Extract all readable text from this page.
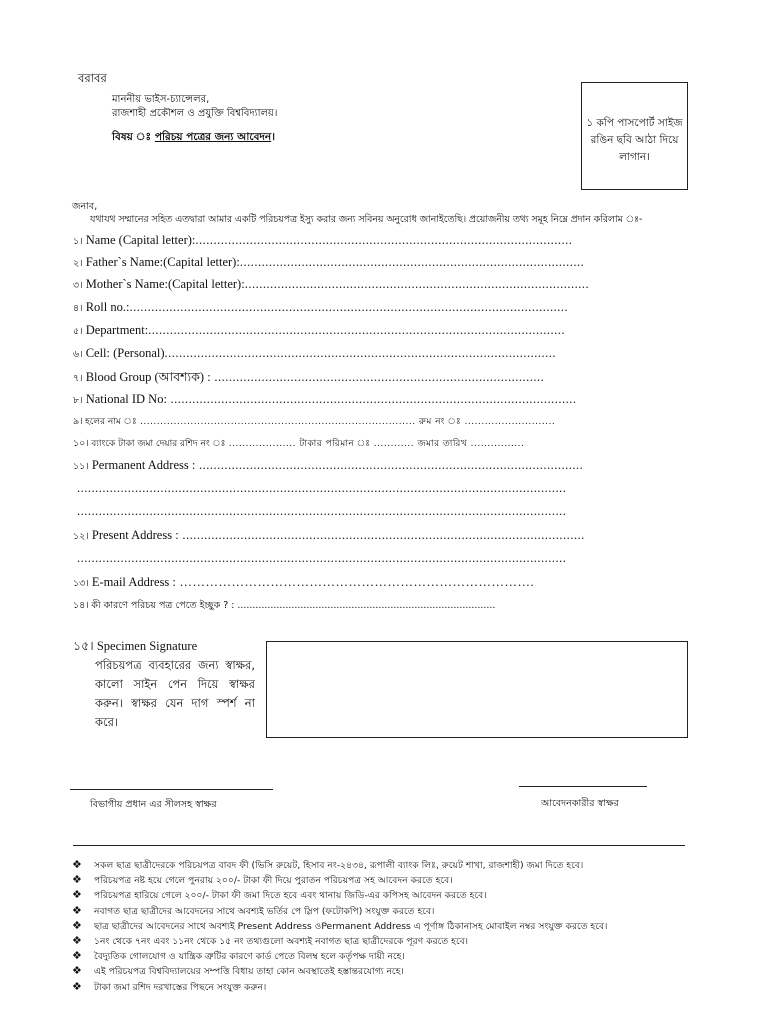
বরাবর
মাননীয় ভাইস-চ্যান্সেলর,
রাজশাহী প্রকৌশল ও প্রযুক্তি বিশ্ববিদ্যালয়।
বিষয় ঃ পরিচয় পত্রের জন্য আবেদন।
১ কপি পাসপোর্ট সাইজ রঙিন ছবি আঠা দিয়ে লাগান।
জনাব,
যথাযথ সম্মানের সহিত এতদ্বারা আমার একটি পরিচয়পত্র ইস্যু করার জন্য সবিনয় অনুরোধ জানাইতেছি। প্রয়োজনীয় তথ্য সমূহ নিম্নে প্রদান করিলাম ঃ-
১। Name (Capital letter):........................................................................................................
২। Father`s Name:(Capital letter):...............................................................................................
৩। Mother`s Name:(Capital letter):...............................................................................................
৪। Roll no.:.........................................................................................................................
৫। Department:...................................................................................................................
৬। Cell: (Personal)............................................................................................................
৭। Blood Group (আবশ্যক) : ...........................................................................................
৮। National ID No: ................................................................................................................
৯। হলের নাম ঃ .................................................................................. রুম নং ঃ ...........................
১০। ব্যাংকে টাকা জমা দেয়ার রশিদ নং ঃ .................... টাকার পরিমান ঃ ............ জমার তারিখ ................
১১। Permanent Address : ..........................................................................................................
.......................................................................................................................................
.......................................................................................................................................
১২। Present Address : ...............................................................................................................
.......................................................................................................................................
১৩। E-mail Address : ……………………………………………………………………….
১৪। কী কারণে পরিচয় পত্র পেতে ইচ্ছুক ? : ......................................................................................
১৫। Specimen Signature
পরিচয়পত্র ব্যবহারের জন্য স্বাক্ষর, কালো সাইন পেন দিয়ে স্বাক্ষর করুন। স্বাক্ষর যেন দাগ স্পর্শ না করে।
বিভাগীয় প্রধান এর সীলসহ স্বাক্ষর	আবেদনকারীর স্বাক্ষর
❖ সকল ছাত্র ছাত্রীদেরকে পরিচয়পত্র বাবদ ফী (ভিসি রুয়েট, হিসাব নং-২৪৩৪, রূপালী ব্যাংক লিঃ, রুয়েট শাখা, রাজশাহী) জমা দিতে হবে।
❖ পরিচয়পত্র নষ্ট হয়ে গেলে পুনরায় ২০০/- টাকা ফী দিয়ে পুরাতন পরিচয়পত্র সহ আবেদন করতে হবে।
❖ পরিচয়পত্র হারিয়ে গেলে ২০০/- টাকা ফী জমা দিতে হবে এবং থানায় জিডি-এর কপিসহ আবেদন করতে হবে।
❖ নবাগত ছাত্র ছাত্রীদের আবেদনের সাথে অবশ্যই ভর্তির পে স্লিপ (ফটোকপি) সংযুক্ত করতে হবে।
❖ ছাত্র ছাত্রীদের আবেদনের সাথে অবশ্যই Present Address ওPermanent Address এ পূর্ণাঙ্গ ঠিকানাসহ মোবাইল নম্বর সংযুক্ত করতে হবে।
❖ ১নং থেকে ৭নং এবং ১১নং থেকে ১৫ নং তথ্যগুলো অবশ্যই নবাগত ছাত্র ছাত্রীদেরকে পূরণ করতে হবে।
❖ বৈদ্যুতিক গোলযোগ ও যান্ত্রিক ত্রুটির কারণে কার্ড পেতে বিলম্ব হলে কর্তৃপক্ষ দায়ী নহে।
❖ এই পরিচয়পত্র বিশ্ববিদ্যালয়ের সম্পত্তি বিধায় তাহা কোন অবস্থাতেই হস্তান্তরযোগ্য নহে।
❖ টাকা জমা রশিদ দরখাস্তের পিছনে সংযুক্ত করুন।
